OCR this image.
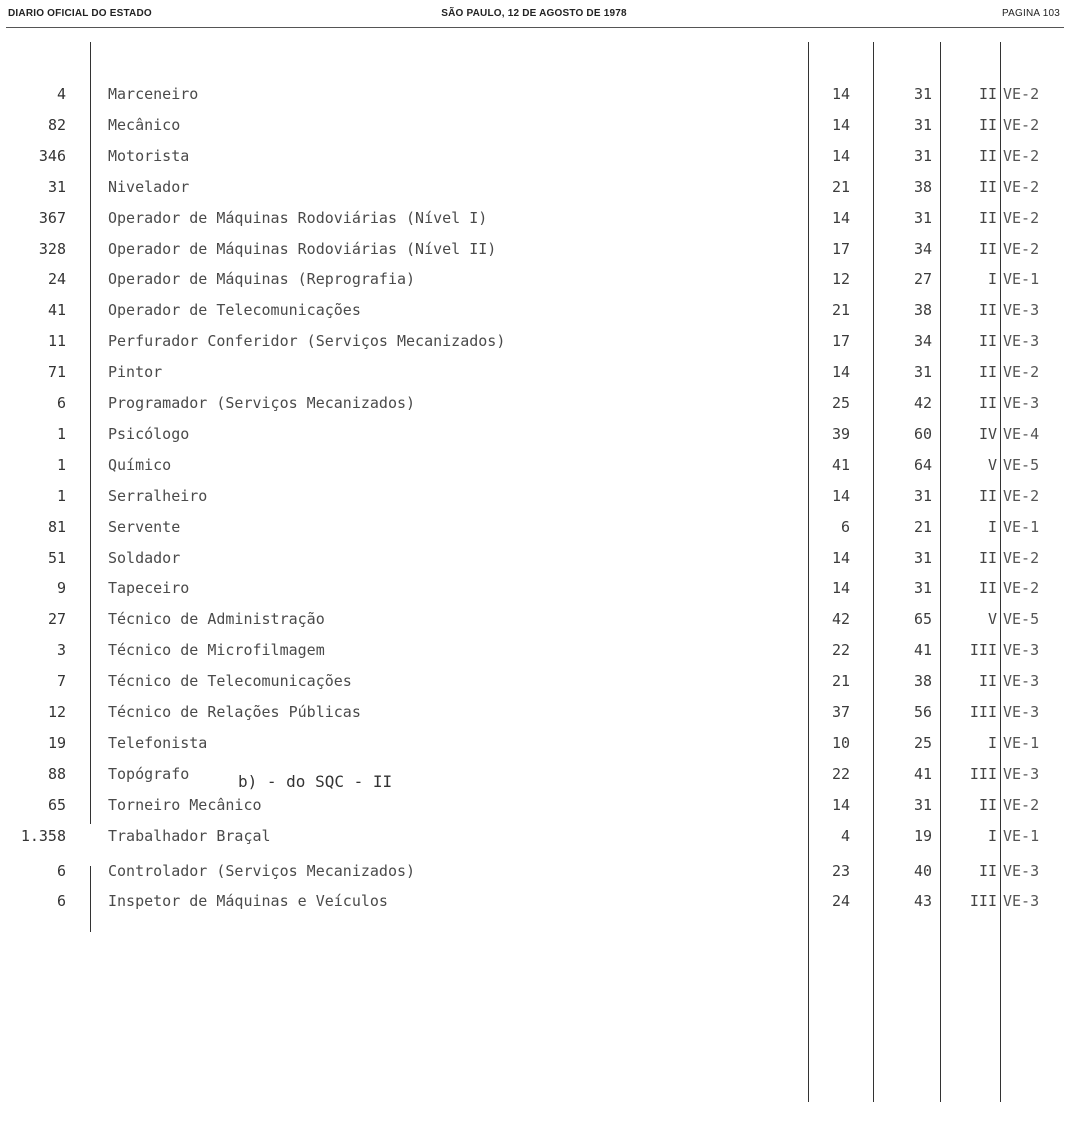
DIARIO OFICIAL DO ESTADO	SÃO PAULO, 12 DE AGOSTO DE 1978	PAGINA 103
4	Marceneiro	14	31	II VE-2
82	Mecânico	14	31	II VE-2
346	Motorista	14	31	II VE-2
31	Nivelador	21	38	II VE-2
367	Operador de Máquinas Rodoviárias (Nível I)	14	31	II VE-2
328	Operador de Máquinas Rodoviárias (Nível II)	17	34	II VE-2
24	Operador de Máquinas (Reprografia)	12	27	I VE-1
41	Operador de Telecomunicações	21	38	II VE-3
11	Perfurador Conferidor (Serviços Mecanizados)	17	34	II VE-3
71	Pintor	14	31	II VE-2
6	Programador (Serviços Mecanizados)	25	42	II VE-3
1	Psicólogo	39	60	IV VE-4
1	Químico	41	64	V VE-5
1	Serralheiro	14	31	II VE-2
81	Servente	6	21	I VE-1
51	Soldador	14	31	II VE-2
9	Tapeceiro	14	31	II VE-2
27	Técnico de Administração	42	65	V VE-5
3	Técnico de Microfilmagem	22	41	III VE-3
7	Técnico de Telecomunicações	21	38	II VE-3
12	Técnico de Relações Públicas	37	56	III VE-3
19	Telefonista	10	25	I VE-1
88	Topógrafo	22	41	III VE-3
65	Torneiro Mecânico	14	31	II VE-2
1.358	Trabalhador Braçal	4	19	I VE-1
b) - do SQC - II
6	Controlador (Serviços Mecanizados)	23	40	II VE-3
6	Inspetor de Máquinas e Veículos	24	43	III VE-3
